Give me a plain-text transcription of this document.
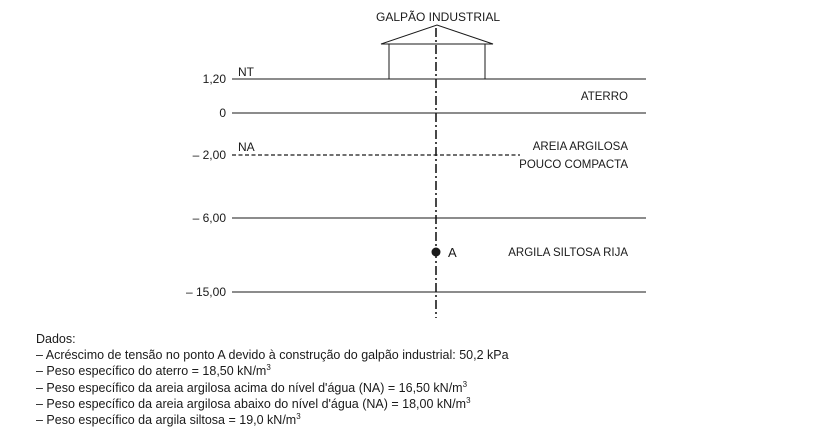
GALPÃO INDUSTRIAL
1,20 NT
0
– 2,00
NA
– 6,00
– 15,00
ATERRO
AREIA ARGILOSA
POUCO COMPACTA
ARGILA SILTOSA RIJA
A
Dados:
– Acréscimo de tensão no ponto A devido à construção do galpão industrial: 50,2 kPa
– Peso específico do aterro = 18,50 $kN/m^3$
– Peso específico da areia argilosa acima do nível d'água (NA) = 16,50 $kN/m^3$
– Peso específico da areia argilosa abaixo do nível d'água (NA) = 18,00 $kN/m^3$
– Peso específico da argila siltosa = 19,0 $kN/m^3$
